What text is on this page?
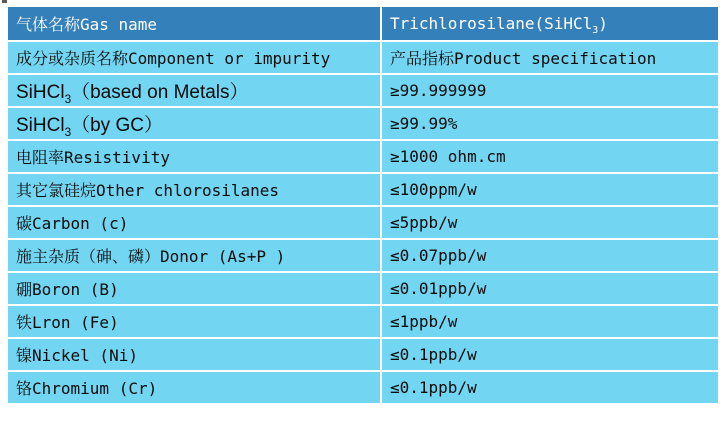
气体名称Gas name	Trichlorosilane(SiHCl$_3$)
成分或杂质名称Component or impurity	产品指标Product specification
SiHCl$_3$（based on Metals）	≥99.999999
SiHCl$_3$（by GC）	≥99.99%
电阻率Resistivity	≥1000 ohm.cm
其它氯硅烷Other chlorosilanes	≤100ppm/w
碳Carbon (c)	≤5ppb/w
施主杂质（砷、磷）Donor (As+P )	≤0.07ppb/w
硼Boron (B)	≤0.01ppb/w
铁Lron (Fe)	≤1ppb/w
镍Nickel (Ni)	≤0.1ppb/w
铬Chromium (Cr)	≤0.1ppb/w
